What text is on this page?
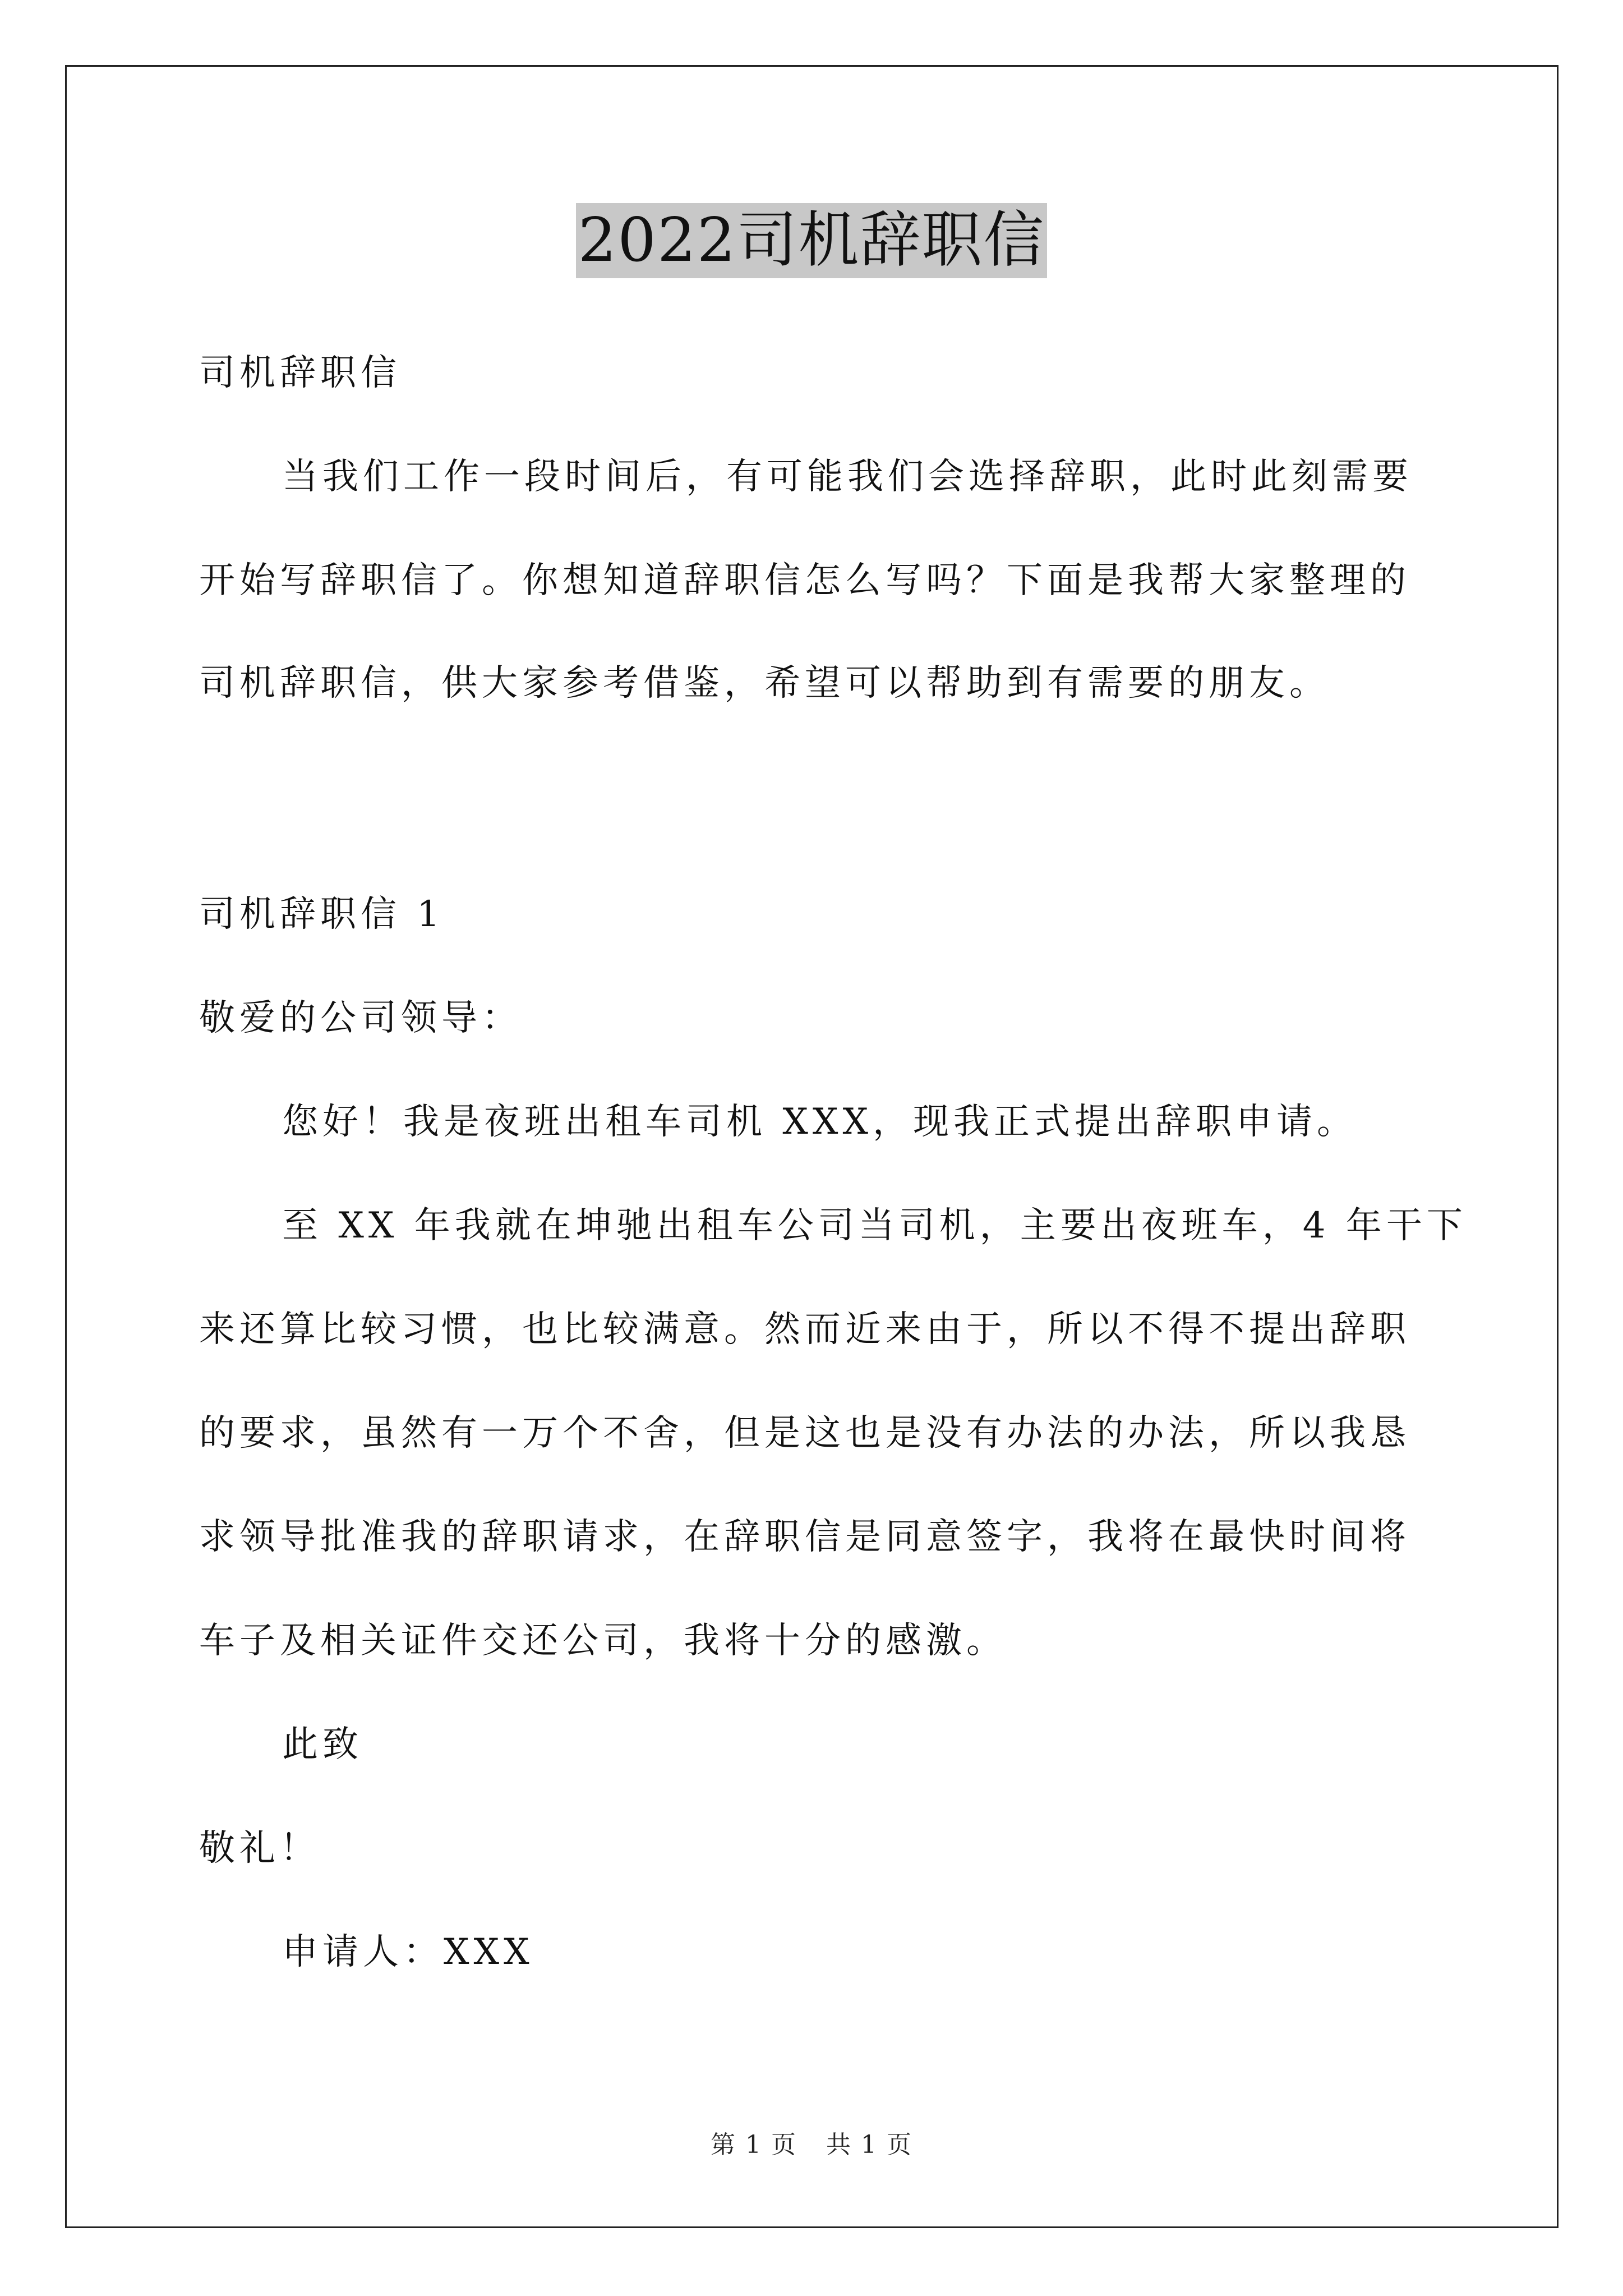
2022司机辞职信
司机辞职信
当我们工作一段时间后，有可能我们会选择辞职，此时此刻需要
开始写辞职信了。你想知道辞职信怎么写吗？下面是我帮大家整理的
司机辞职信，供大家参考借鉴，希望可以帮助到有需要的朋友。
司机辞职信 1
敬爱的公司领导：
您好！我是夜班出租车司机 XXX，现我正式提出辞职申请。
至 XX 年我就在坤驰出租车公司当司机，主要出夜班车，4 年干下
来还算比较习惯，也比较满意。然而近来由于，所以不得不提出辞职
的要求，虽然有一万个不舍，但是这也是没有办法的办法，所以我恳
求领导批准我的辞职请求，在辞职信是同意签字，我将在最快时间将
车子及相关证件交还公司，我将十分的感激。
此致
敬礼！
申请人：XXX
第 1 页 共 1 页
